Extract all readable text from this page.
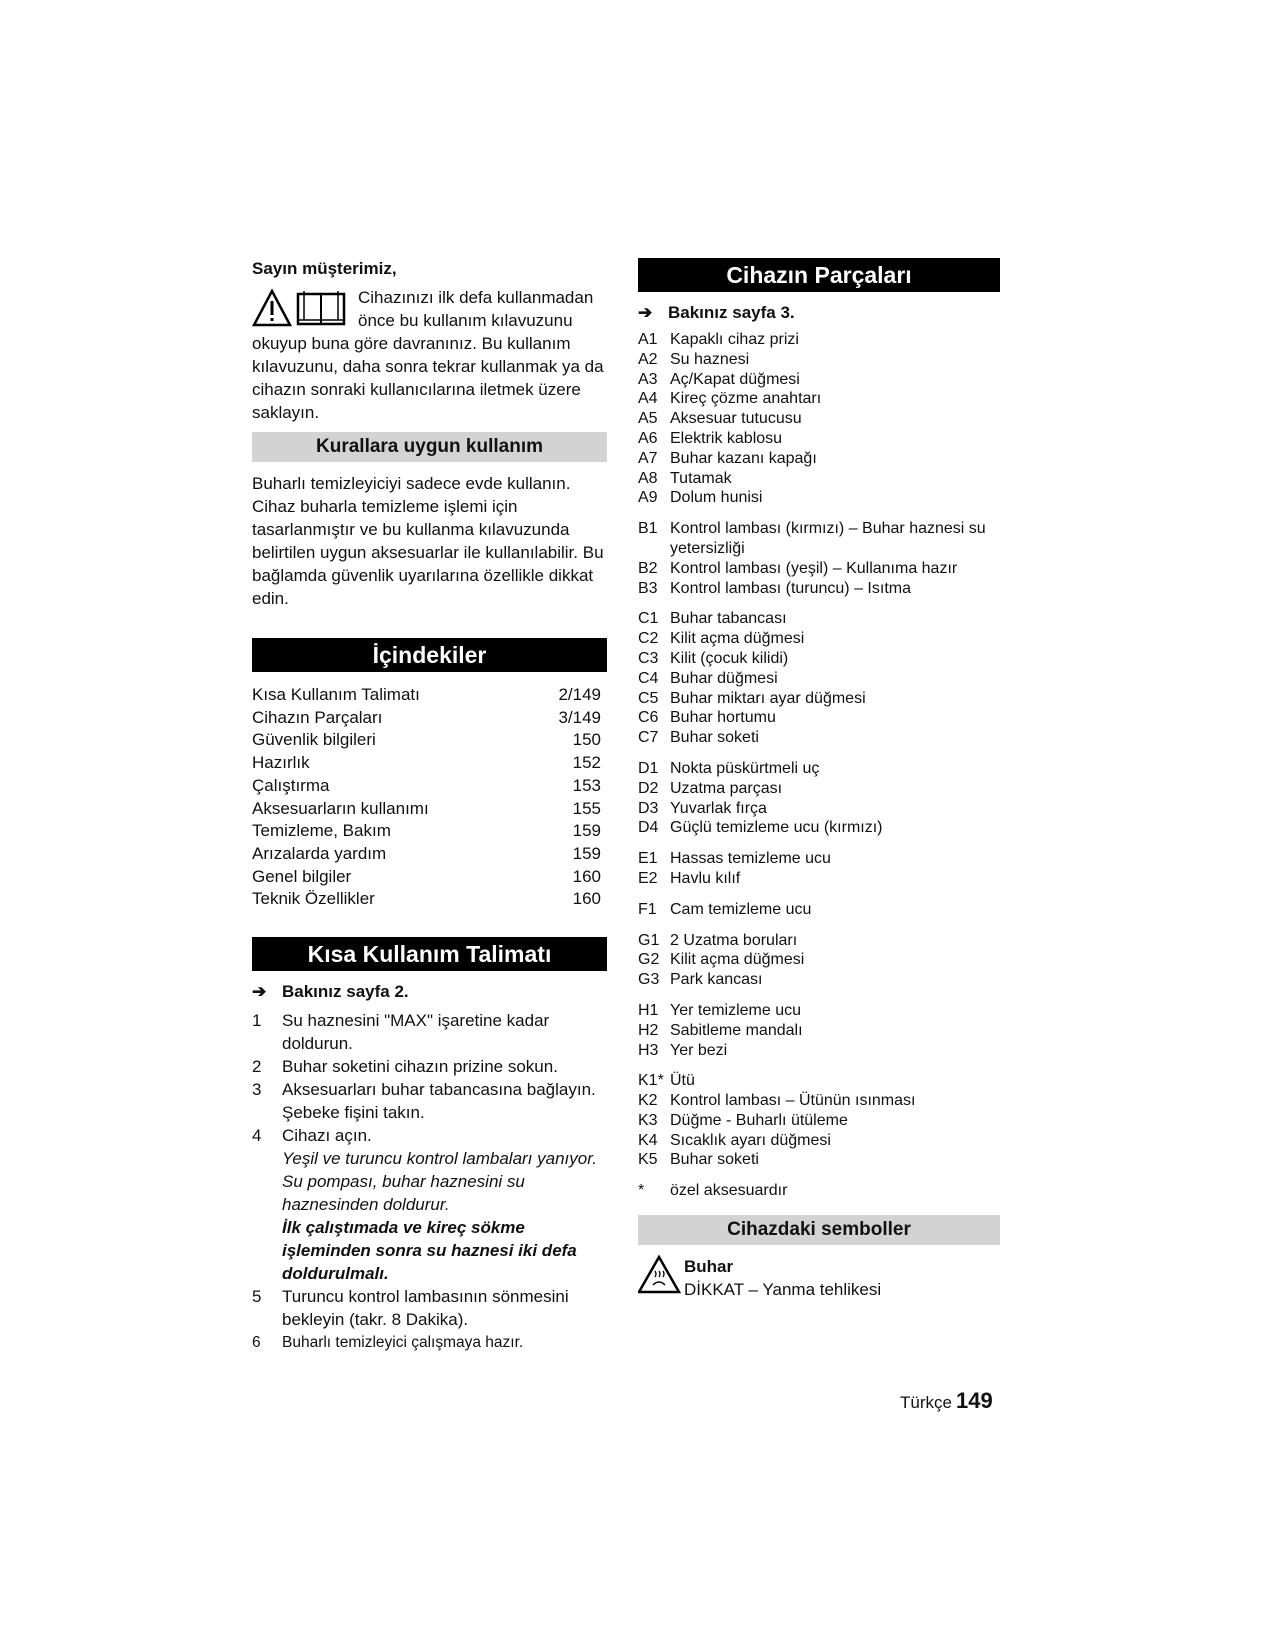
Sayın müşterimiz,
Cihazınızı ilk defa kullanmadan
önce bu kullanım kılavuzunu
okuyup buna göre davranınız. Bu kullanım kılavuzunu, daha sonra tekrar kullanmak ya da cihazın sonraki kullanıcılarına iletmek üzere saklayın.
Kurallara uygun kullanım

Buharlı temizleyiciyi sadece evde kullanın. Cihaz buharla temizleme işlemi için tasarlanmıştır ve bu kullanma kılavuzunda belirtilen uygun aksesuarlar ile kullanılabilir. Bu bağlamda güvenlik uyarılarına özellikle dikkat edin.

İçindekiler
Kısa Kullanım Talimatı	2/149
Cihazın Parçaları	3/149
Güvenlik bilgileri	150
Hazırlık	152
Çalıştırma	153
Aksesuarların kullanımı	155
Temizleme, Bakım	159
Arızalarda yardım	159
Genel bilgiler	160
Teknik Özellikler	160
Kısa Kullanım Talimatı
➔ Bakınız sayfa 2.
1	Su haznesini "MAX" işaretine kadar doldurun.
2	Buhar soketini cihazın prizine sokun.
3	Aksesuarları buhar tabancasına bağlayın. Şebeke fişini takın.
4	Cihazı açın.
Yeşil ve turuncu kontrol lambaları yanıyor. Su pompası, buhar haznesini su haznesinden doldurur.
İlk çalıştımada ve kireç sökme işleminden sonra su haznesi iki defa doldurulmalı.
5	Turuncu kontrol lambasının sönmesini bekleyin (takr. 8 Dakika).
6	Buharlı temizleyici çalışmaya hazır.
Cihazın Parçaları
➔ Bakınız sayfa 3.
A1 Kapaklı cihaz prizi
A2 Su haznesi
A3 Aç/Kapat düğmesi
A4 Kireç çözme anahtarı
A5 Aksesuar tutucusu
A6 Elektrik kablosu
A7 Buhar kazanı kapağı
A8 Tutamak
A9 Dolum hunisi
B1 Kontrol lambası (kırmızı) – Buhar haznesi su yetersizliği
B2 Kontrol lambası (yeşil) – Kullanıma hazır
B3 Kontrol lambası (turuncu) – Isıtma
C1 Buhar tabancası
C2 Kilit açma düğmesi
C3 Kilit (çocuk kilidi)
C4 Buhar düğmesi
C5 Buhar miktarı ayar düğmesi
C6 Buhar hortumu
C7 Buhar soketi
D1 Nokta püskürtmeli uç
D2 Uzatma parçası
D3 Yuvarlak fırça
D4 Güçlü temizleme ucu (kırmızı)
E1 Hassas temizleme ucu
E2 Havlu kılıf
F1 Cam temizleme ucu
G1 2 Uzatma boruları
G2 Kilit açma düğmesi
G3 Park kancası
H1 Yer temizleme ucu
H2 Sabitleme mandalı
H3 Yer bezi
K1* Ütü
K2 Kontrol lambası – Ütünün ısınması
K3 Düğme - Buharlı ütüleme
K4 Sıcaklık ayarı düğmesi
K5 Buhar soketi
*	özel aksesuardır
Cihazdaki semboller
Buhar
DİKKAT – Yanma tehlikesi
Türkçe 149
